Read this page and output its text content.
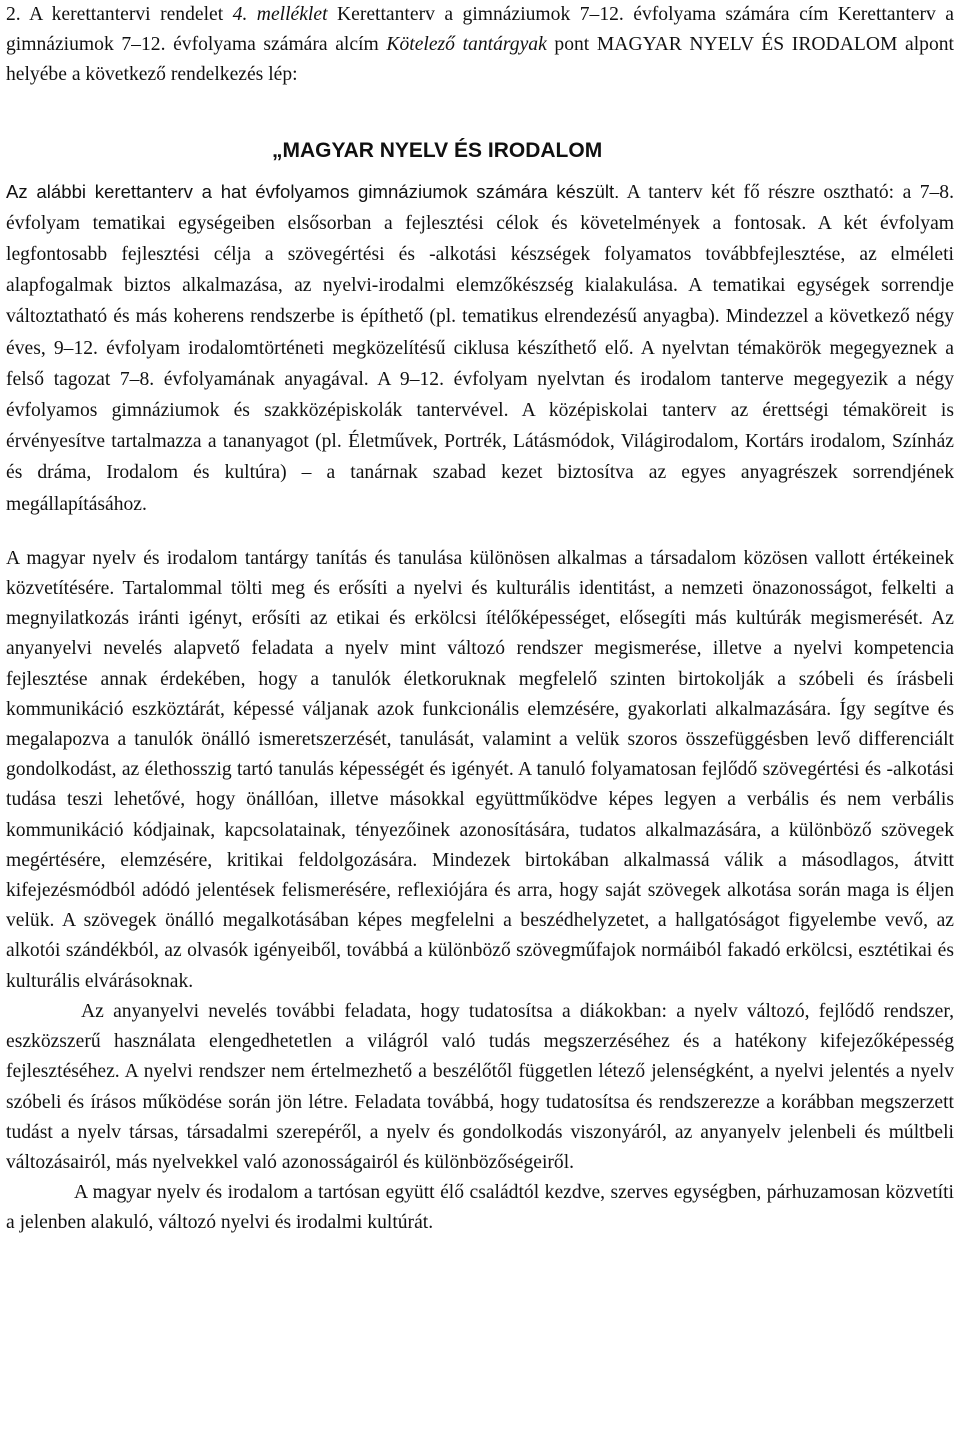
2. A kerettantervi rendelet 4. melléklet Kerettanterv a gimnáziumok 7–12. évfolyama számára cím Kerettanterv a gimnáziumok 7–12. évfolyama számára alcím Kötelező tantárgyak pont MAGYAR NYELV ÉS IRODALOM alpont helyébe a következő rendelkezés lép:

„MAGYAR NYELV ÉS IRODALOM

Az alábbi kerettanterv a hat évfolyamos gimnáziumok számára készült. A tanterv két fő részre osztható: a 7–8. évfolyam tematikai egységeiben elsősorban a fejlesztési célok és követelmények a fontosak. A két évfolyam legfontosabb fejlesztési célja a szövegértési és -alkotási készségek folyamatos továbbfejlesztése, az elméleti alapfogalmak biztos alkalmazása, az nyelvi-irodalmi elemzőkészség kialakulása. A tematikai egységek sorrendje változtatható és más koherens rendszerbe is építhető (pl. tematikus elrendezésű anyagba). Mindezzel a következő négy éves, 9–12. évfolyam irodalomtörténeti megközelítésű ciklusa készíthető elő. A nyelvtan témakörök megegyeznek a felső tagozat 7–8. évfolyamának anyagával. A 9–12. évfolyam nyelvtan és irodalom tanterve megegyezik a négy évfolyamos gimnáziumok és szakközépiskolák tantervével. A középiskolai tanterv az érettségi témaköreit is érvényesítve tartalmazza a tananyagot (pl. Életművek, Portrék, Látásmódok, Világirodalom, Kortárs irodalom, Színház és dráma, Irodalom és kultúra) – a tanárnak szabad kezet biztosítva az egyes anyagrészek sorrendjének megállapításához.

A magyar nyelv és irodalom tantárgy tanítás és tanulása különösen alkalmas a társadalom közösen vallott értékeinek közvetítésére. Tartalommal tölti meg és erősíti a nyelvi és kulturális identitást, a nemzeti önazonosságot, felkelti a megnyilatkozás iránti igényt, erősíti az etikai és erkölcsi ítélőképességet, elősegíti más kultúrák megismerését. Az anyanyelvi nevelés alapvető feladata a nyelv mint változó rendszer megismerése, illetve a nyelvi kompetencia fejlesztése annak érdekében, hogy a tanulók életkoruknak megfelelő szinten birtokolják a szóbeli és írásbeli kommunikáció eszköztárát, képessé váljanak azok funkcionális elemzésére, gyakorlati alkalmazására. Így segítve és megalapozva a tanulók önálló ismeretszerzését, tanulását, valamint a velük szoros összefüggésben levő differenciált gondolkodást, az élethosszig tartó tanulás képességét és igényét. A tanuló folyamatosan fejlődő szövegértési és -alkotási tudása teszi lehetővé, hogy önállóan, illetve másokkal együttműködve képes legyen a verbális és nem verbális kommunikáció kódjainak, kapcsolatainak, tényezőinek azonosítására, tudatos alkalmazására, a különböző szövegek megértésére, elemzésére, kritikai feldolgozására. Mindezek birtokában alkalmassá válik a másodlagos, átvitt kifejezésmódból adódó jelentések felismerésére, reflexiójára és arra, hogy saját szövegek alkotása során maga is éljen velük. A szövegek önálló megalkotásában képes megfelelni a beszédhelyzetet, a hallgatóságot figyelembe vevő, az alkotói szándékból, az olvasók igényeiből, továbbá a különböző szövegműfajok normáiból fakadó erkölcsi, esztétikai és kulturális elvárásoknak.

Az anyanyelvi nevelés további feladata, hogy tudatosítsa a diákokban: a nyelv változó, fejlődő rendszer, eszközszerű használata elengedhetetlen a világról való tudás megszerzéséhez és a hatékony kifejezőképesség fejlesztéséhez. A nyelvi rendszer nem értelmezhető a beszélőtől független létező jelenségként, a nyelvi jelentés a nyelv szóbeli és írásos működése során jön létre. Feladata továbbá, hogy tudatosítsa és rendszerezze a korábban megszerzett tudást a nyelv társas, társadalmi szerepéről, a nyelv és gondolkodás viszonyáról, az anyanyelv jelenbeli és múltbeli változásairól, más nyelvekkel való azonosságairól és különbözőségeiről.

A magyar nyelv és irodalom a tartósan együtt élő családtól kezdve, szerves egységben, párhuzamosan közvetíti a jelenben alakuló, változó nyelvi és irodalmi kultúrát.
